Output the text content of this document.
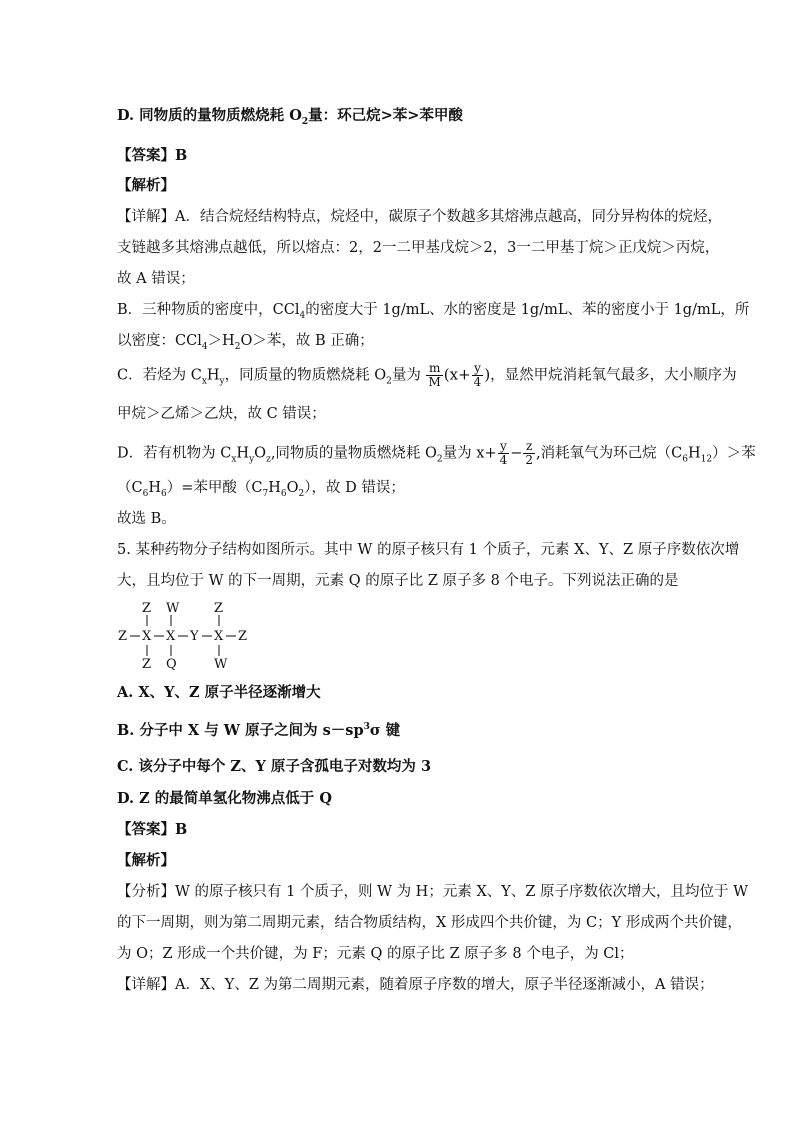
D. 同物质的量物质燃烧耗 $O_2$量：环己烷>苯>苯甲酸
【答案】B
【解析】
【详解】A．结合烷烃结构特点，烷烃中，碳原子个数越多其熔沸点越高，同分异构体的烷烃，
支链越多其熔沸点越低，所以熔点：2，2一二甲基戊烷＞2，3一二甲基丁烷＞正戊烷＞丙烷，
故 A 错误；
B．三种物质的密度中，CCl$_4$的密度大于 1g/mL、水的密度是 1g/mL、苯的密度小于 1g/mL，所
以密度：$CCl_4>H_2O>$苯，故 B 正确；
C．若烃为 $C_xH_y$，同质量的物质燃烧耗 $O_2$量为 $\frac{m}{M} (x+ \frac{y}{4}$ )，显然甲烷消耗氧气最多，大小顺序为
甲烷＞乙烯＞乙炔，故 C 错误；
D．若有机物为 $C_xH_yO_z$,同物质的量物质燃烧耗 $O_2$量为 $x+ \frac{y}{4} - \frac{z}{2}$ ,消耗氧气为环己烷$(C_6H_{12})>$苯
$(C_6H_6)=$苯甲酸$(C_7H_6O_2)$，故 D 错误；
故选 B。
5. 某种药物分子结构如图所示。其中 W 的原子核只有 1 个质子，元素 X、Y、Z 原子序数依次增
大，且均位于 W 的下一周期，元素 Q 的原子比 Z 原子多 8 个电子。下列说法正确的是
Z W	Z
Z X X Y X Z
Z Q	W
A. X、Y、Z 原子半径逐渐增大
B. 分子中 X 与 W 原子之间为 $s-sp^3\sigma$ 键
C. 该分子中每个 Z、Y 原子含孤电子对数均为 3
D. Z 的最简单氢化物沸点低于 Q
【答案】B
【解析】
【分析】W 的原子核只有 1 个质子，则 W 为 H；元素 X、Y、Z 原子序数依次增大，且均位于 W
的下一周期，则为第二周期元素，结合物质结构，X 形成四个共价键，为 C；Y 形成两个共价键，
为 O；Z 形成一个共价键，为 F；元素 Q 的原子比 Z 原子多 8 个电子，为 Cl；
【详解】A．X、Y、Z 为第二周期元素，随着原子序数的增大，原子半径逐渐减小，A 错误；
